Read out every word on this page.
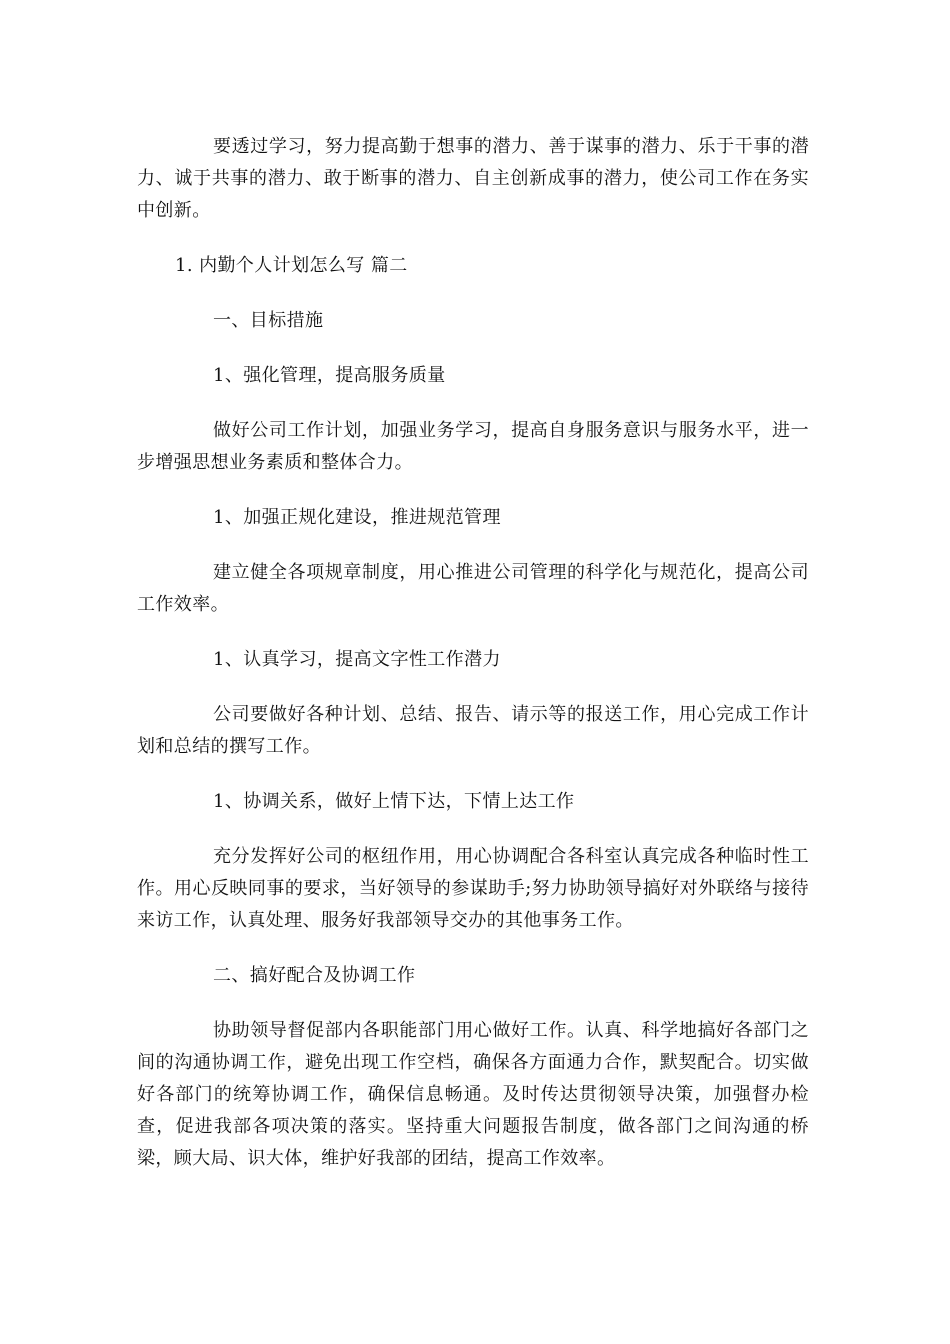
要透过学习，努力提高勤于想事的潜力、善于谋事的潜力、乐于干事的潜力、诚于共事的潜力、敢于断事的潜力、自主创新成事的潜力，使公司工作在务实中创新。

1. 内勤个人计划怎么写 篇二

一、目标措施

1、强化管理，提高服务质量

做好公司工作计划，加强业务学习，提高自身服务意识与服务水平，进一步增强思想业务素质和整体合力。

1、加强正规化建设，推进规范管理

建立健全各项规章制度，用心推进公司管理的科学化与规范化，提高公司工作效率。

1、认真学习，提高文字性工作潜力

公司要做好各种计划、总结、报告、请示等的报送工作，用心完成工作计划和总结的撰写工作。

1、协调关系，做好上情下达，下情上达工作

充分发挥好公司的枢纽作用，用心协调配合各科室认真完成各种临时性工作。用心反映同事的要求，当好领导的参谋助手;努力协助领导搞好对外联络与接待来访工作，认真处理、服务好我部领导交办的其他事务工作。

二、搞好配合及协调工作

协助领导督促部内各职能部门用心做好工作。认真、科学地搞好各部门之间的沟通协调工作，避免出现工作空档，确保各方面通力合作，默契配合。切实做好各部门的统筹协调工作，确保信息畅通。及时传达贯彻领导决策，加强督办检查，促进我部各项决策的落实。坚持重大问题报告制度，做各部门之间沟通的桥梁，顾大局、识大体，维护好我部的团结，提高工作效率。
